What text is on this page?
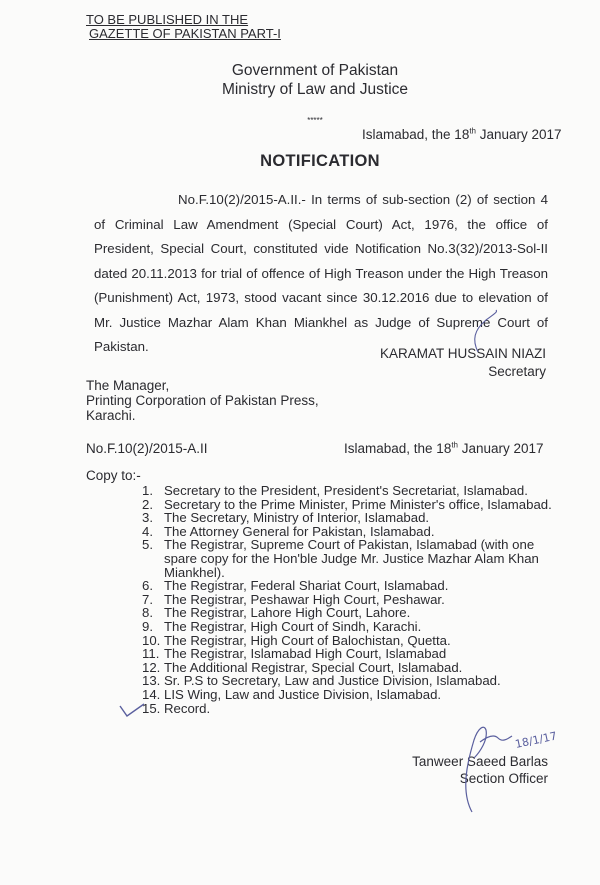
TO BE PUBLISHED IN THE
GAZETTE OF PAKISTAN PART-I
Government of Pakistan
Ministry of Law and Justice
*****
Islamabad, the 18th January 2017
NOTIFICATION

No.F.10(2)/2015-A.II.- In terms of sub-section (2) of section 4 of Criminal Law Amendment (Special Court) Act, 1976, the office of President, Special Court, constituted vide Notification No.3(32)/2013-Sol-II dated 20.11.2013 for trial of offence of High Treason under the High Treason (Punishment) Act, 1973, stood vacant since 30.12.2016 due to elevation of Mr. Justice Mazhar Alam Khan Miankhel as Judge of Supreme Court of Pakistan.	KARAMAT HUSSAIN NIAZI
Secretary
The Manager,
Printing Corporation of Pakistan Press,
Karachi.
No.F.10(2)/2015-A.II	Islamabad, the 18th January 2017
Copy to:-
1. Secretary to the President, President's Secretariat, Islamabad.
2. Secretary to the Prime Minister, Prime Minister's office, Islamabad.
3. The Secretary, Ministry of Interior, Islamabad.
4. The Attorney General for Pakistan, Islamabad.
5. The Registrar, Supreme Court of Pakistan, Islamabad (with one spare copy for the Hon'ble Judge Mr. Justice Mazhar Alam Khan Miankhel).
6. The Registrar, Federal Shariat Court, Islamabad.
7. The Registrar, Peshawar High Court, Peshawar.
8. The Registrar, Lahore High Court, Lahore.
9. The Registrar, High Court of Sindh, Karachi.
10. The Registrar, High Court of Balochistan, Quetta.
11. The Registrar, Islamabad High Court, Islamabad
12. The Additional Registrar, Special Court, Islamabad.
13. Sr. P.S to Secretary, Law and Justice Division, Islamabad.
14. LIS Wing, Law and Justice Division, Islamabad.
15. Record.
Tanweer Saeed Barlas
Section Officer
18/1/17
